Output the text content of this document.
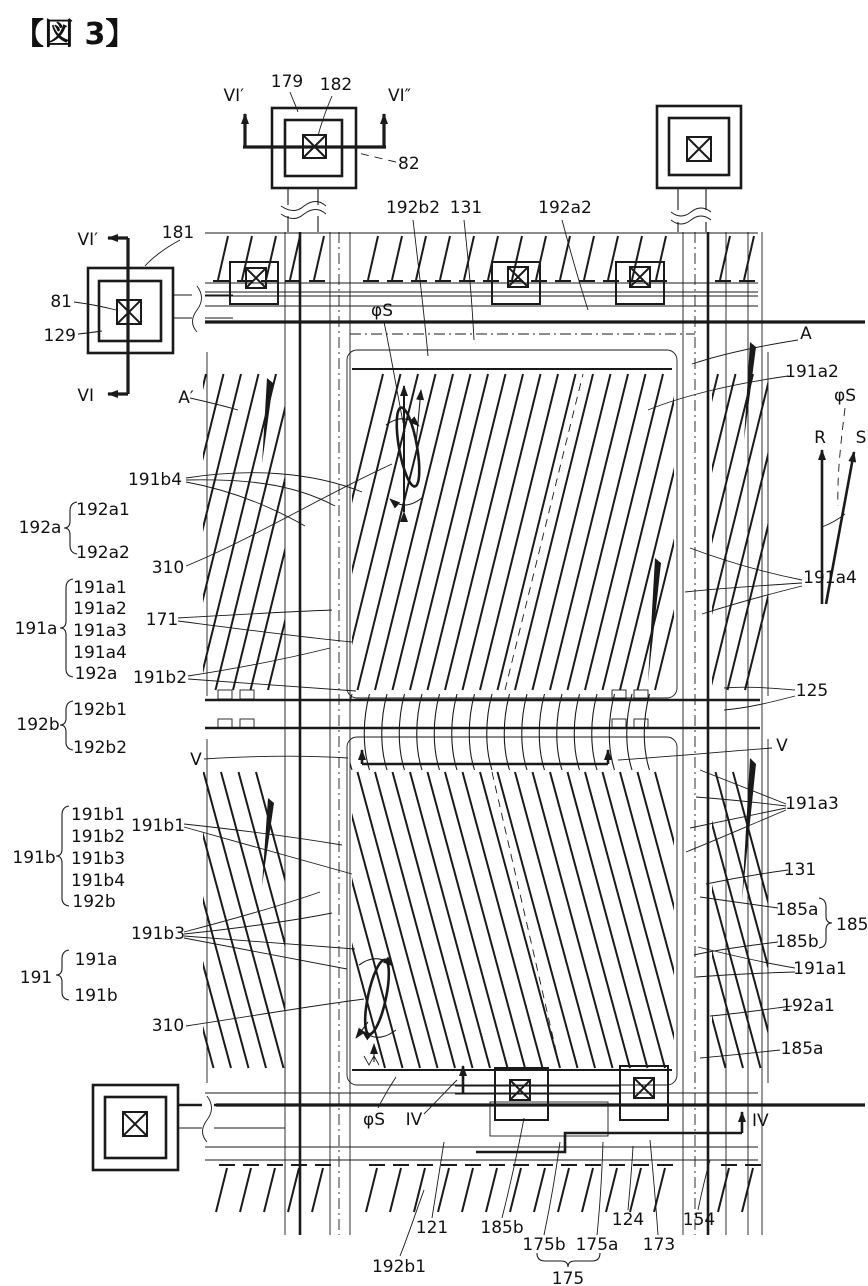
【図 3】
VI′
179 182
VI″
82
181
VI′
81
129
VI	A′
192b2 131	192a2
φS
A
191a2
φS
R S
191a4
125
V
191a3
131
185a
185b
185
191a1
192a1
185a
IV
191b4
192a
192a1
192a2
310
191a
191a1
191a2
191a3
191a4
192a
171
191b2
192b
192b1
192b2
V
191b
191b1
191b2
191b3
191b4
192b
191b1
191b3
191
191a
191b
310
φS IV
121 185b
175b 175a
124
173
154
192b1
175
